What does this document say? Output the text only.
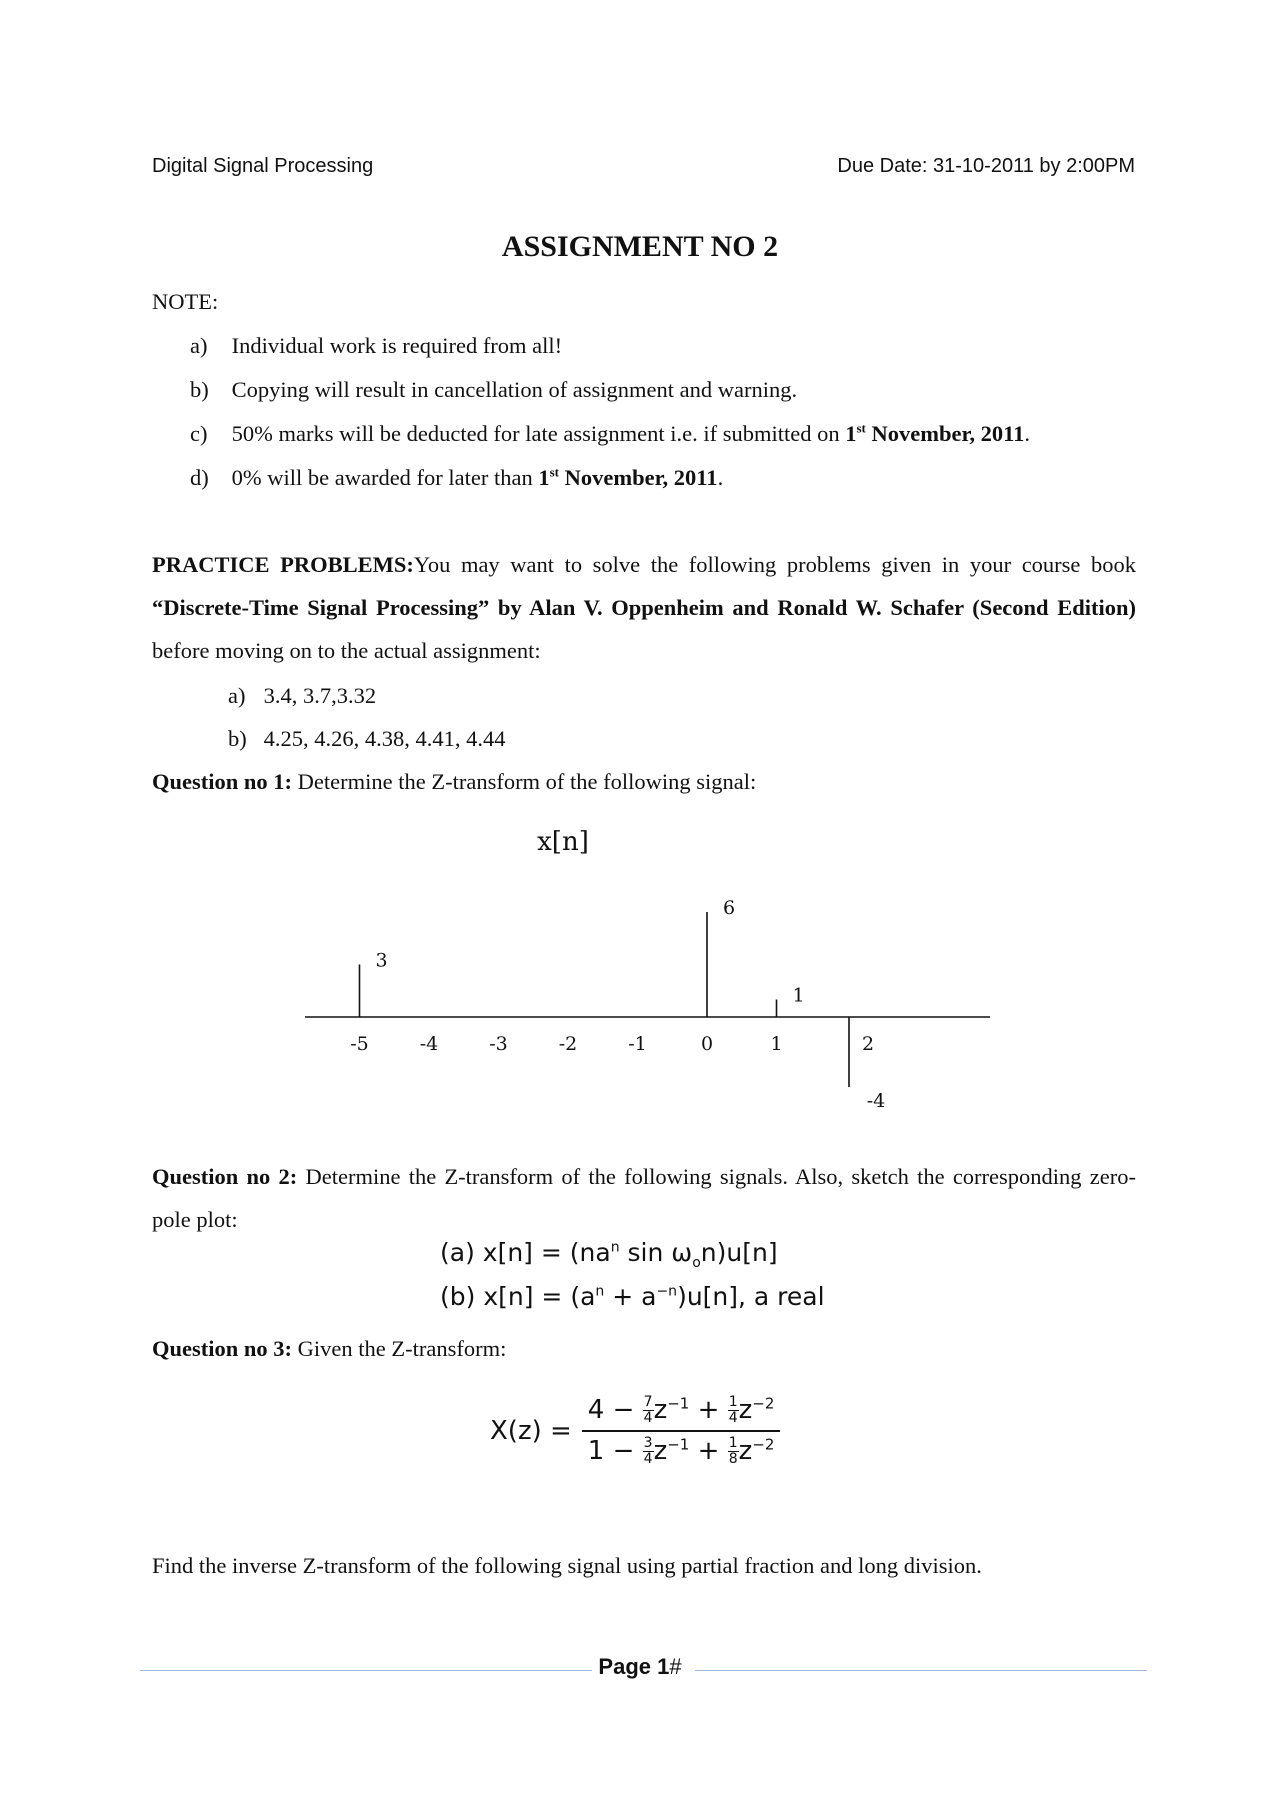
Digital Signal Processing	Due Date: 31-10-2011 by 2:00PM
ASSIGNMENT NO 2
NOTE:
a) Individual work is required from all!
b) Copying will result in cancellation of assignment and warning.
c) 50% marks will be deducted for late assignment i.e. if submitted on 1st November, 2011.
d) 0% will be awarded for later than 1st November, 2011.
PRACTICE PROBLEMS:You may want to solve the following problems given in your course book “Discrete-Time Signal Processing” by Alan V. Oppenheim and Ronald W. Schafer (Second Edition) before moving on to the actual assignment:
a) 3.4, 3.7,3.32
b) 4.25, 4.26, 4.38, 4.41, 4.44
Question no 1: Determine the Z-transform of the following signal:
x[n]
-5	-4	-3	-2	-1	0	1	2
3
6
1
-4
Question no 2: Determine the Z-transform of the following signals. Also, sketch the corresponding zero-pole plot:
(a) $x[n] = (na^n$ $\sin \omega_on)u[n]$
(b) $x[n] = (a^n + a^{-n})u[n]$, a real
Question no 3: Given the Z-transform:
$X(z) = \frac{4 - \frac{7}{4} z^{-1} + \frac{1}{4} z^{-2}}{1 - \frac{3}{4} z^{-1} + \frac{1}{8} z^{-2}}$
Find the inverse Z-transform of the following signal using partial fraction and long division.
Page 1#
